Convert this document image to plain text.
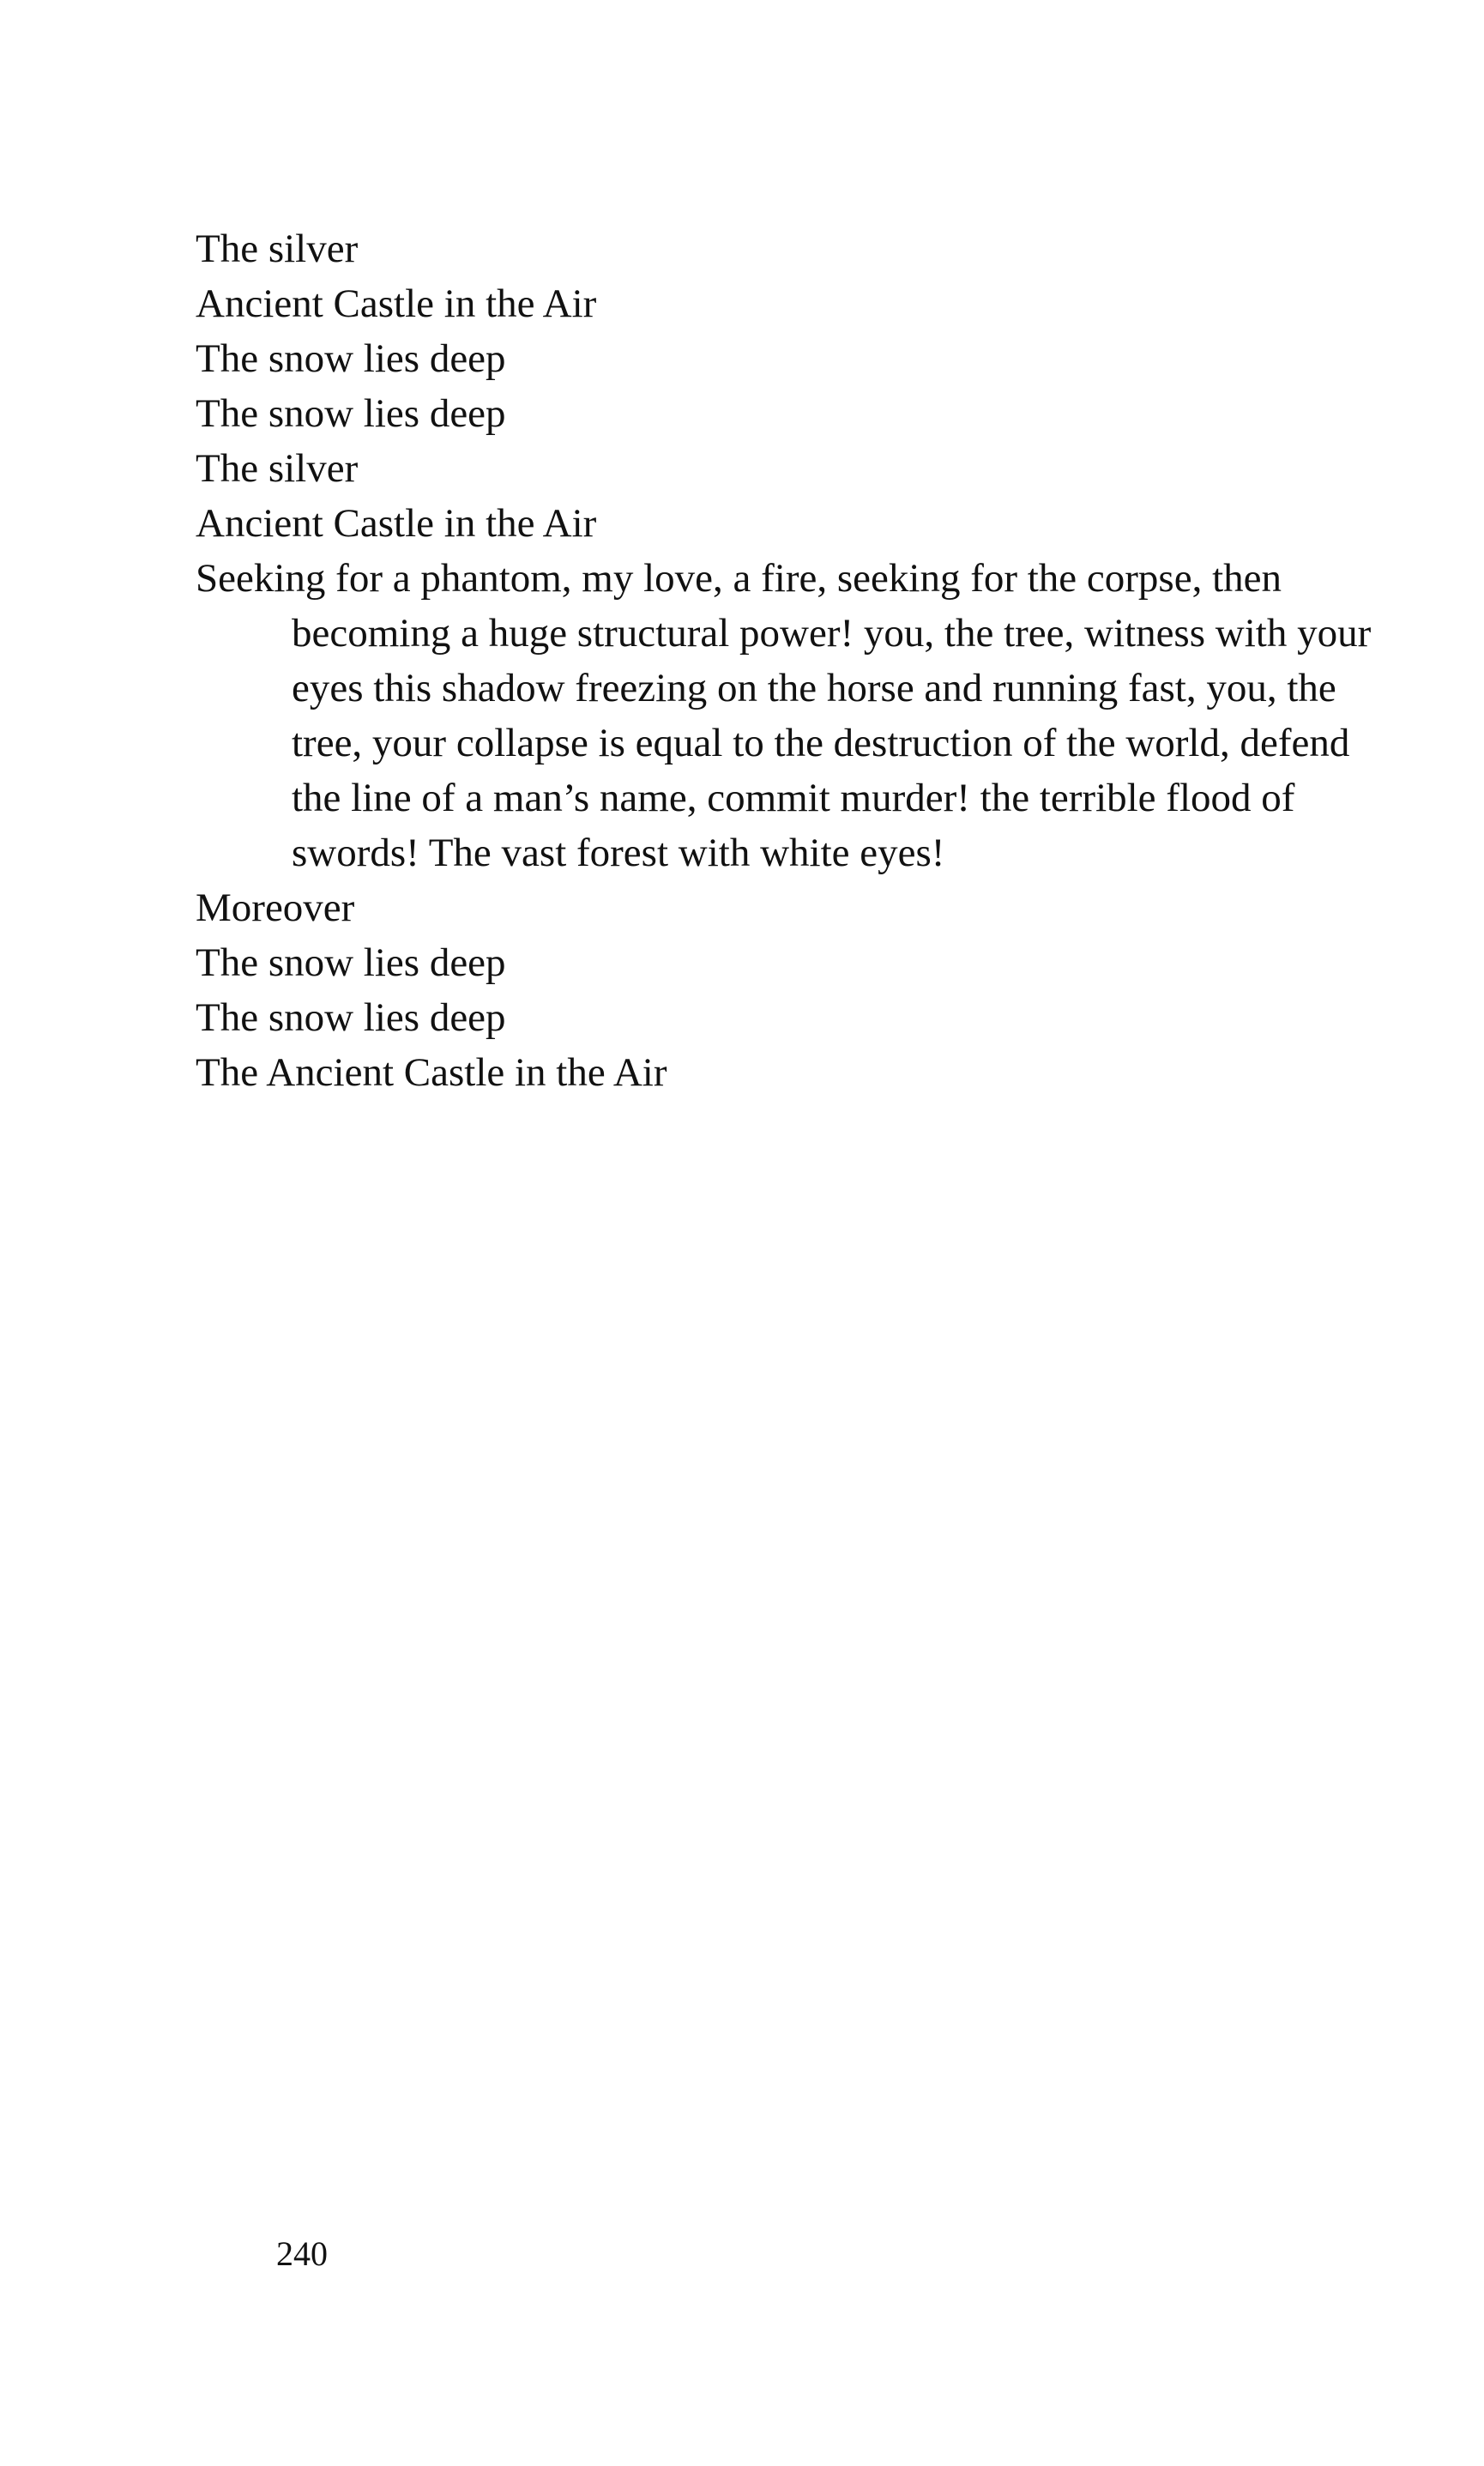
The silver

Ancient Castle in the Air

The snow lies deep

The snow lies deep

The silver

Ancient Castle in the Air

Seeking for a phantom, my love, a fire, seeking for the corpse, then becoming a huge structural power! you, the tree, witness with your eyes this shadow freezing on the horse and running fast, you, the tree, your collapse is equal to the destruction of the world, defend the line of a man’s name, commit murder! the terrible flood of swords! The vast forest with white eyes!

Moreover

The snow lies deep

The snow lies deep

The Ancient Castle in the Air

240
